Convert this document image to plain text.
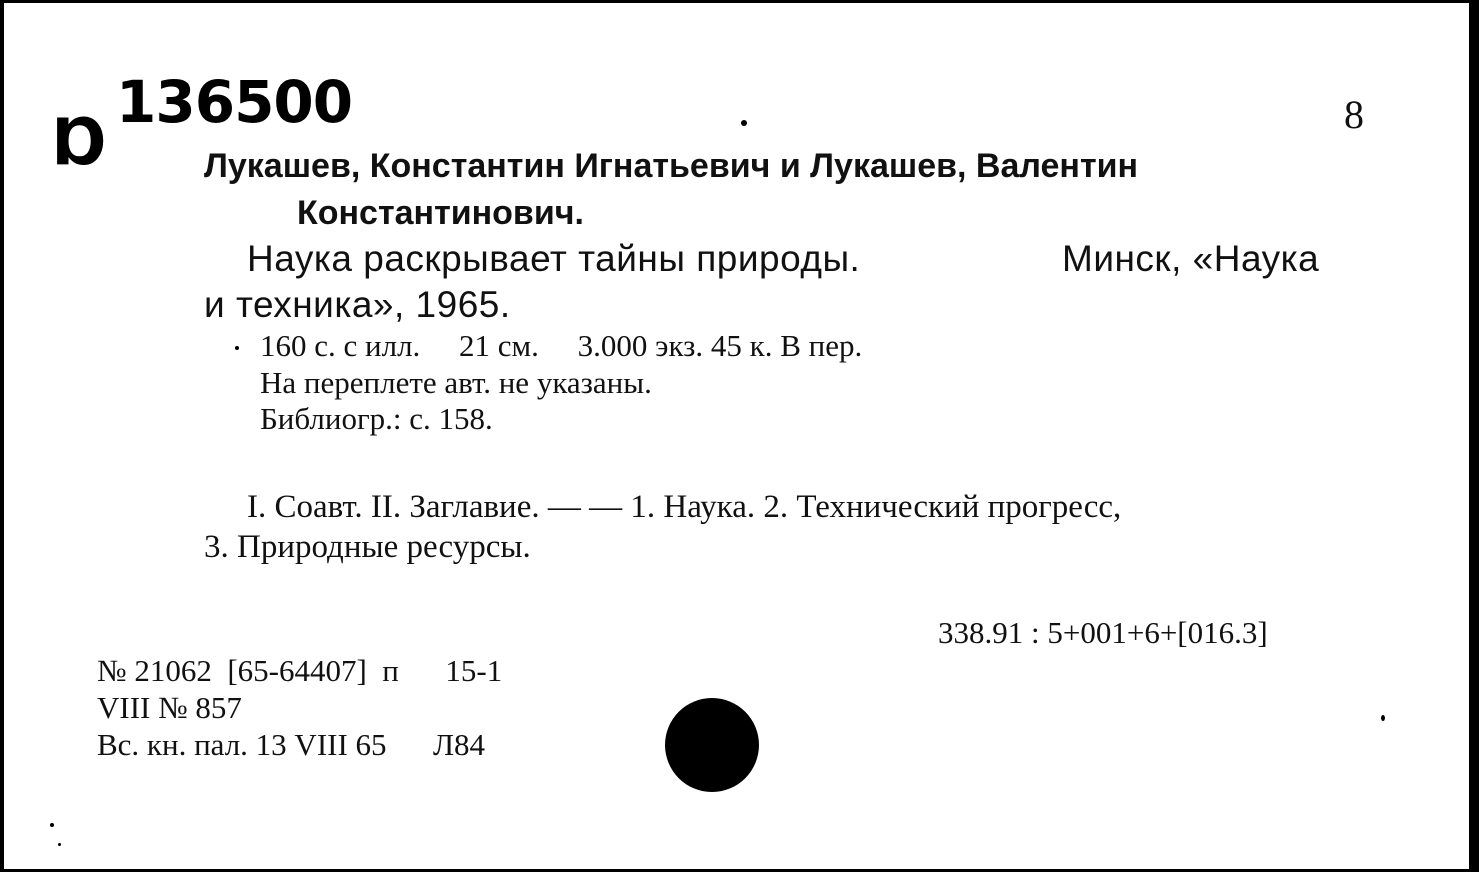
Ɒ
136500	8
Лукашев, Константин Игнатьевич и Лукашев, Валентин
Константинович.
Наука раскрывает тайны природы.	Минск, «Наука
и техника», 1965.
160 с. с илл.     21 см.     3.000 экз. 45 к. В пер.
На переплете авт. не указаны.
Библиогр.: с. 158.
I. Соавт. II. Заглавие. — — 1. Наука. 2. Технический прогресс,
3. Природные ресурсы.
338.91 : 5+001+6+[016.3]
№ 21062  [65-64407]  п      15-1
VIII № 857
Вс. кн. пал. 13 VIII 65      Л84
